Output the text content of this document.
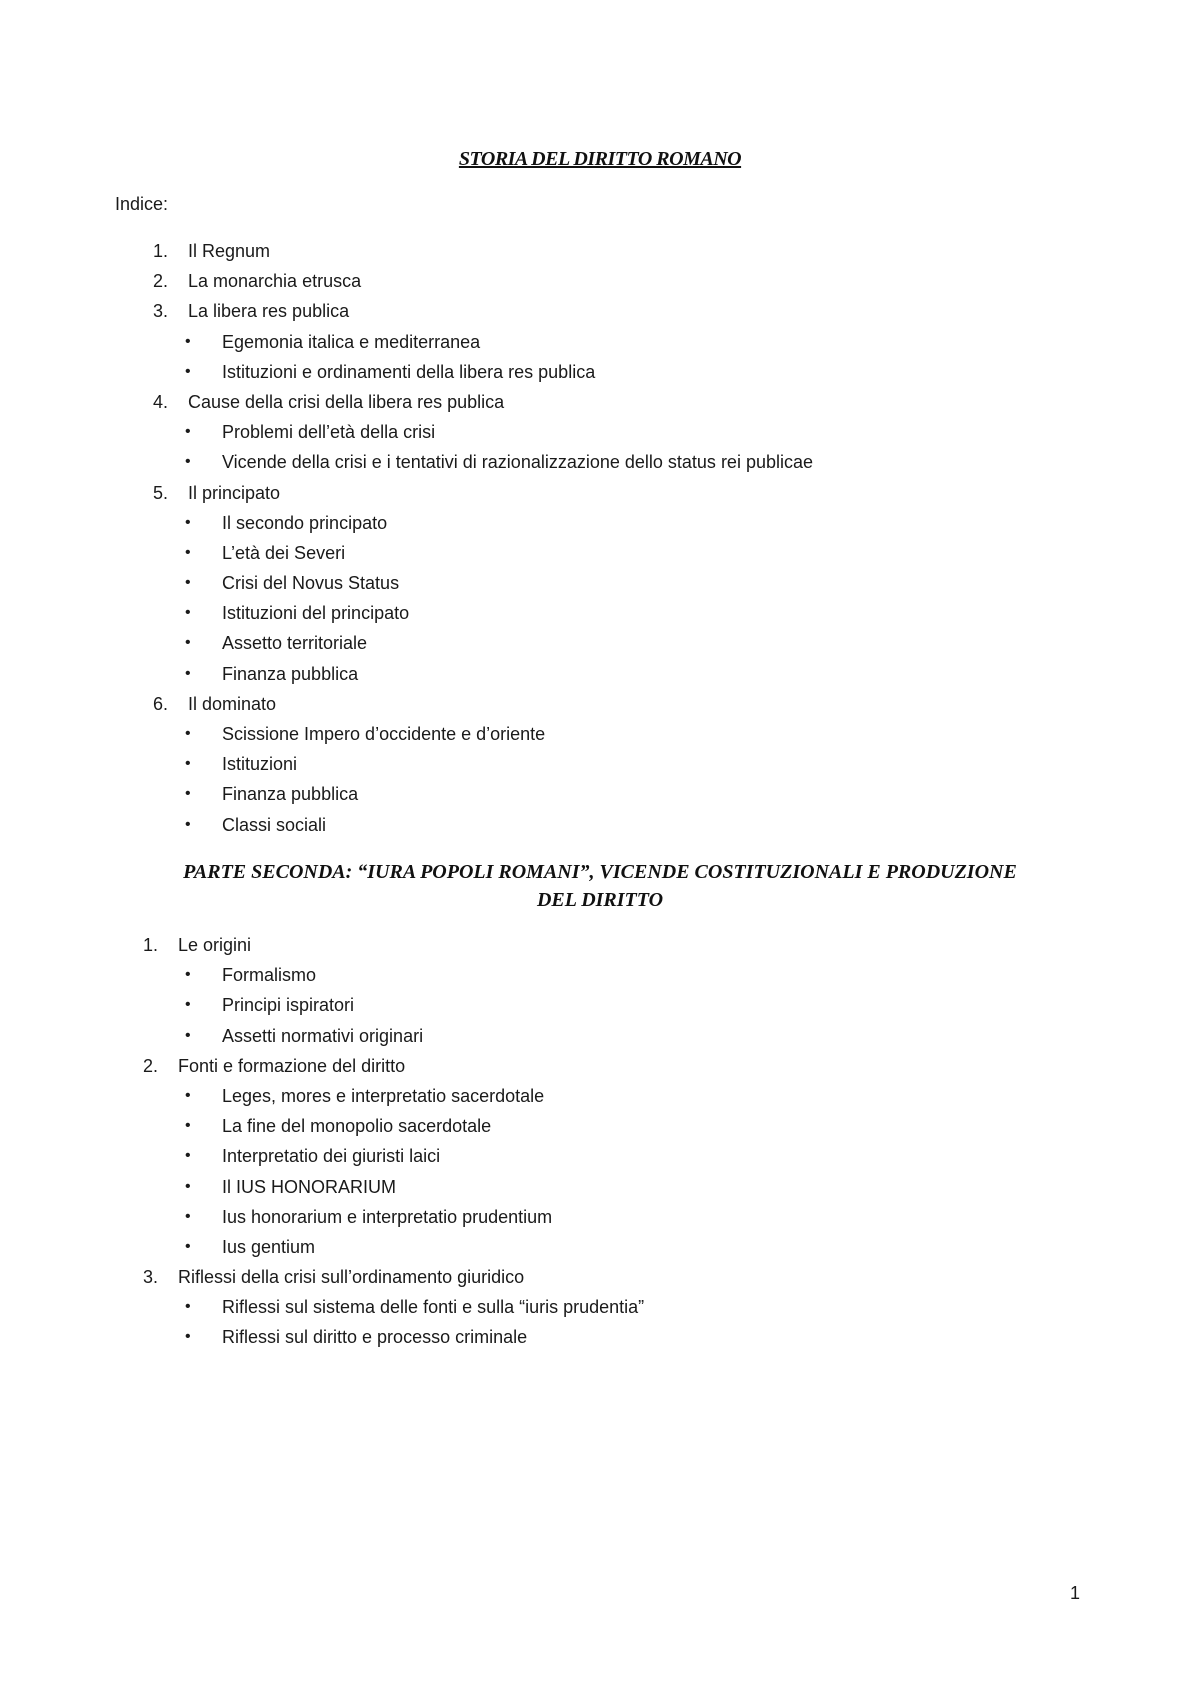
STORIA DEL DIRITTO ROMANO
Indice:
1. Il Regnum
2. La monarchia etrusca
3. La libera res publica
• Egemonia italica e mediterranea
• Istituzioni e ordinamenti della libera res publica
4. Cause della crisi della libera res publica
• Problemi dell’età della crisi
• Vicende della crisi e i tentativi di razionalizzazione dello status rei publicae
5. Il principato
• Il secondo principato
• L’età dei Severi
• Crisi del Novus Status
• Istituzioni del principato
• Assetto territoriale
• Finanza pubblica
6. Il dominato
• Scissione Impero d’occidente e d’oriente
• Istituzioni
• Finanza pubblica
• Classi sociali
PARTE SECONDA: “IURA POPOLI ROMANI”, VICENDE COSTITUZIONALI E PRODUZIONE
DEL DIRITTO
1. Le origini
• Formalismo
• Principi ispiratori
• Assetti normativi originari
2. Fonti e formazione del diritto
• Leges, mores e interpretatio sacerdotale
• La fine del monopolio sacerdotale
• Interpretatio dei giuristi laici
• Il IUS HONORARIUM
• Ius honorarium e interpretatio prudentium
• Ius gentium
3. Riflessi della crisi sull’ordinamento giuridico
• Riflessi sul sistema delle fonti e sulla “iuris prudentia”
• Riflessi sul diritto e processo criminale
1
